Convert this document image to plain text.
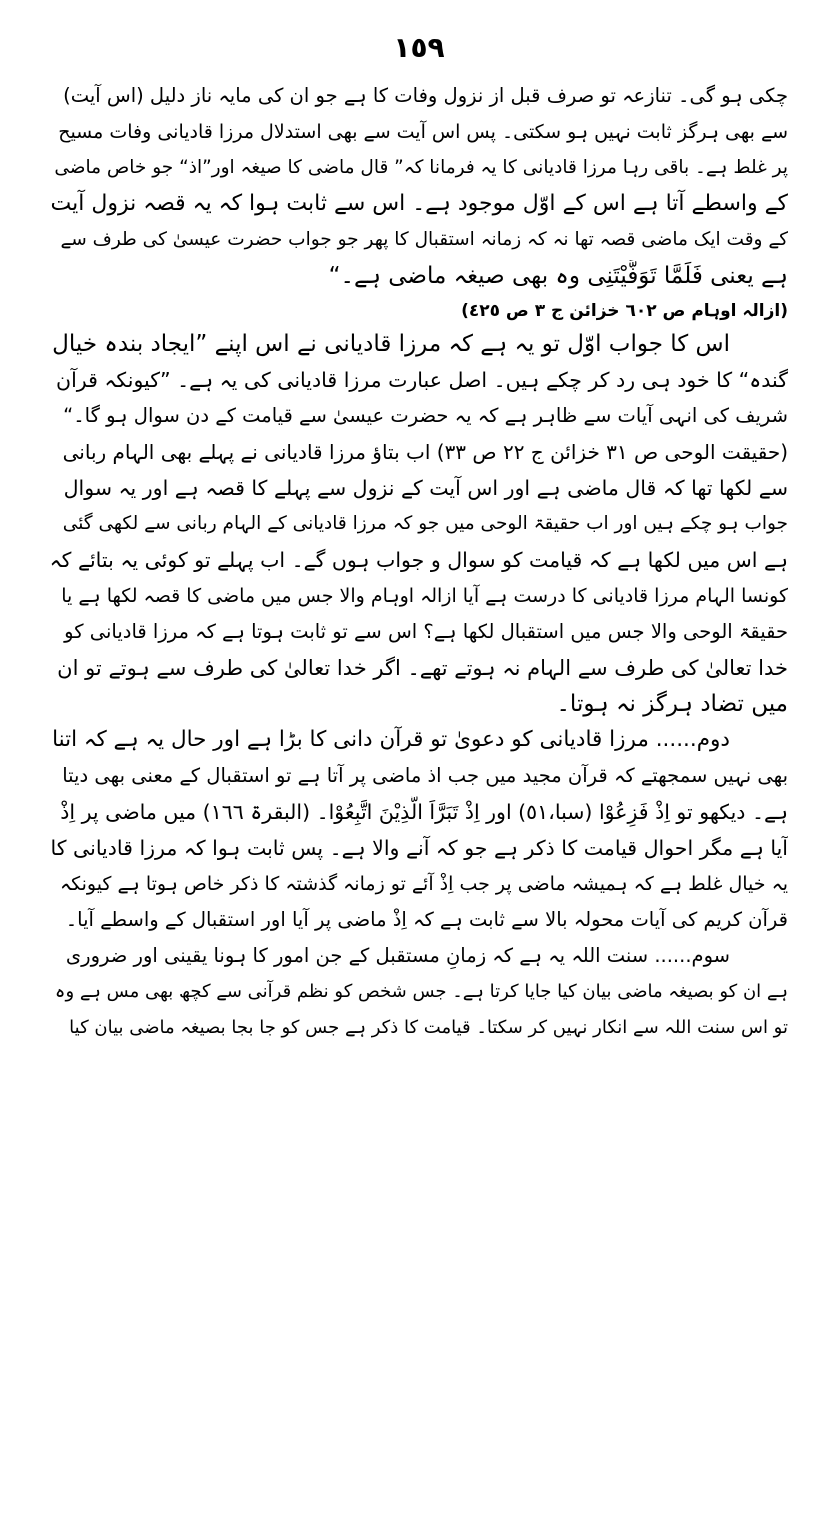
١٥٩
چکی ہو گی۔ تنازعہ تو صرف قبل از نزول وفات کا ہے جو ان کی مایہ ناز دلیل (اس آیت)
سے بھی ہرگز ثابت نہیں ہو سکتی۔ پس اس آیت سے بھی استدلال مرزا قادیانی وفات مسیح
پر غلط ہے۔ باقی رہا مرزا قادیانی کا یہ فرمانا کہ” قال ماضی کا صیغہ اور”اذ“ جو خاص ماضی
کے واسطے آتا ہے اس کے اوّل موجود ہے۔ اس سے ثابت ہوا کہ یہ قصہ نزول آیت
کے وقت ایک ماضی قصہ تھا نہ کہ زمانہ استقبال کا پھر جو جواب حضرت عیسیٰ کی طرف سے
ہے یعنی فَلَمَّا تَوَفَّیْتَنِی وہ بھی صیغہ ماضی ہے۔“
(ازالہ اوہام ص ٦٠٢ خزائن ج ٣ ص ٤٢٥)
اس کا جواب اوّل تو یہ ہے کہ مرزا قادیانی نے اس اپنے ”ایجاد بندہ خیال
گندہ“ کا خود ہی رد کر چکے ہیں۔ اصل عبارت مرزا قادیانی کی یہ ہے۔ ”کیونکہ قرآن
شریف کی انہی آیات سے ظاہر ہے کہ یہ حضرت عیسیٰ سے قیامت کے دن سوال ہو گا۔“
(حقیقت الوحی ص ٣١ خزائن ج ٢٢ ص ٣٣) اب بتاؤ مرزا قادیانی نے پہلے بھی الہام ربانی
سے لکھا تھا کہ قال ماضی ہے اور اس آیت کے نزول سے پہلے کا قصہ ہے اور یہ سوال
جواب ہو چکے ہیں اور اب حقیقۃ الوحی میں جو کہ مرزا قادیانی کے الہام ربانی سے لکھی گئی
ہے اس میں لکھا ہے کہ قیامت کو سوال و جواب ہوں گے۔ اب پہلے تو کوئی یہ بتائے کہ
کونسا الہام مرزا قادیانی کا درست ہے آیا ازالہ اوہام والا جس میں ماضی کا قصہ لکھا ہے یا
حقیقۃ الوحی والا جس میں استقبال لکھا ہے؟ اس سے تو ثابت ہوتا ہے کہ مرزا قادیانی کو
خدا تعالیٰ کی طرف سے الہام نہ ہوتے تھے۔ اگر خدا تعالیٰ کی طرف سے ہوتے تو ان
میں تضاد ہرگز نہ ہوتا۔
دوم...... مرزا قادیانی کو دعویٰ تو قرآن دانی کا بڑا ہے اور حال یہ ہے کہ اتنا
بھی نہیں سمجھتے کہ قرآن مجید میں جب اذ ماضی پر آتا ہے تو استقبال کے معنی بھی دیتا
ہے۔ دیکھو تو اِذْ فَزِعُوْا (سبا،٥١) اور اِذْ تَبَرَّاَ الَّذِیْنَ اتَّبِعُوْا۔ (البقرۃ ١٦٦) میں ماضی پر اِذْ
آیا ہے مگر احوال قیامت کا ذکر ہے جو کہ آنے والا ہے۔ پس ثابت ہوا کہ مرزا قادیانی کا
یہ خیال غلط ہے کہ ہمیشہ ماضی پر جب اِذْ آئے تو زمانہ گذشتہ کا ذکر خاص ہوتا ہے کیونکہ
قرآن کریم کی آیات محولہ بالا سے ثابت ہے کہ اِذْ ماضی پر آیا اور استقبال کے واسطے آیا۔
سوم...... سنت اللہ یہ ہے کہ زمانِ مستقبل کے جن امور کا ہونا یقینی اور ضروری
ہے ان کو بصیغہ ماضی بیان کیا جایا کرتا ہے۔ جس شخص کو نظم قرآنی سے کچھ بھی مس ہے وہ
تو اس سنت اللہ سے انکار نہیں کر سکتا۔ قیامت کا ذکر ہے جس کو جا بجا بصیغہ ماضی بیان کیا
